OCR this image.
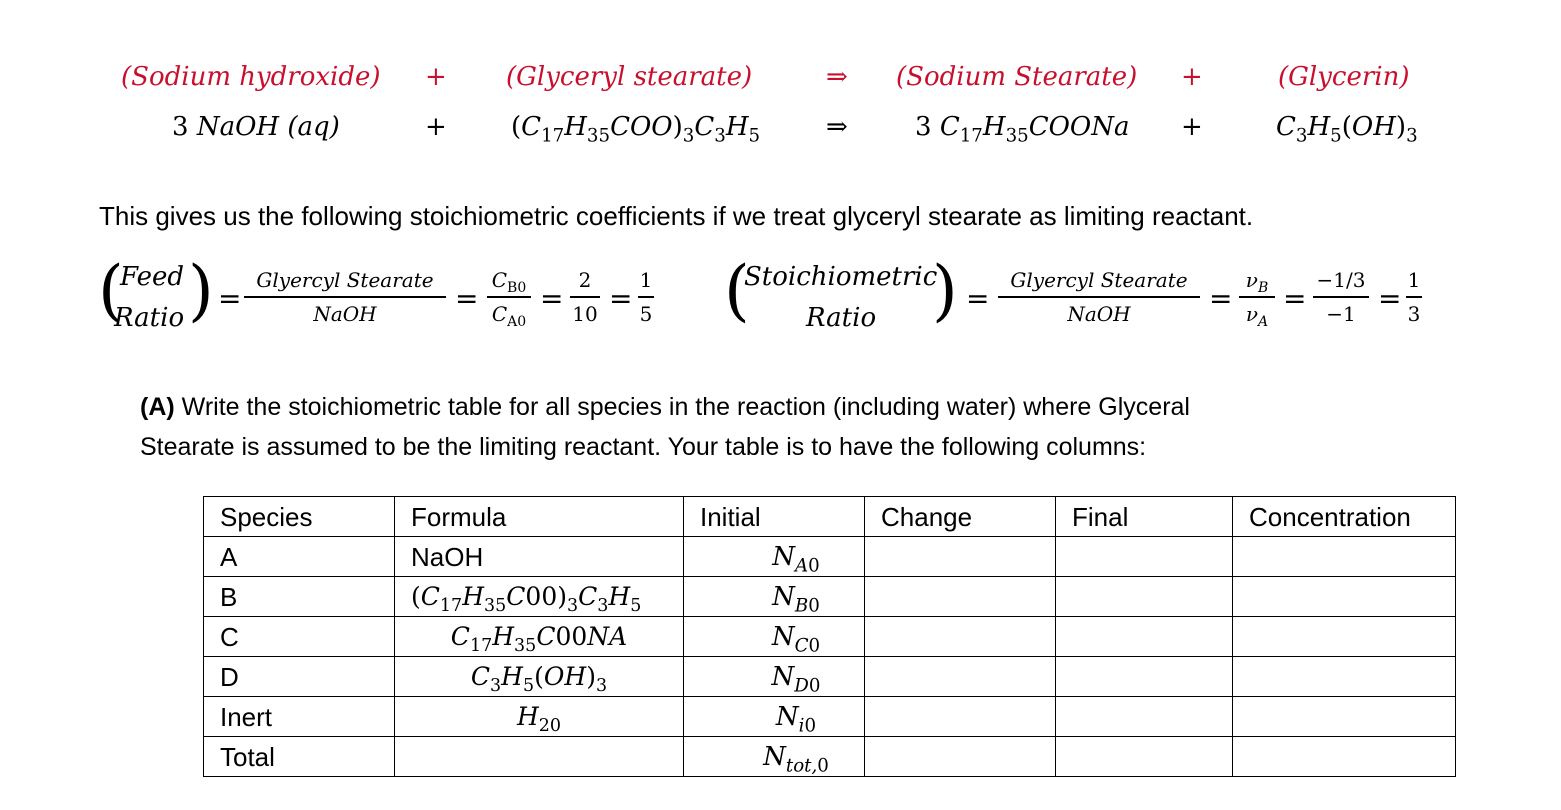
(Sodium hydroxide) + (Glyceryl stearate)	⇒ (Sodium Stearate) +	(Glycerin)
3 NaOH (aq)	+ $(C_{17}H_{35}COO)_3C_3H_5$	⇒	3 $C_{17}H_{35}COONa$ +	$C_3H_5(OH)_3$
This gives us the following stoichiometric coefficients if we treat glyceryl stearate as limiting reactant.
(
Feed
Ratio ) =
Glyercyl Stearate
NaOH	=
$C_{B0}$
$C_{A0}$
=
2
10 =
1
5 (
Stoichiometric
Ratio ) =
Glyercyl Stearate
NaOH	=
$\nu_B$
$\nu_A$
=
−1/3
−1 =
1
3
(A) Write the stoichiometric table for all species in the reaction (including water) where Glyceral
Stearate is assumed to be the limiting reactant. Your table is to have the following columns:
Species	Formula	Initial	Change	Final	Concentration
A	NaOH	$N_{A0}$			
B	$(C_{17}H_{35}C00)_3C_3H_5$	$N_{B0}$			
C	$C_{17}H_{35}C00NA$	$N_{C0}$			
D	$C_3H_5(OH)_3$	$N_{D0}$			
Inert	$H_{20}$	$N_{i0}$			
Total		$N_{tot,0}$			
